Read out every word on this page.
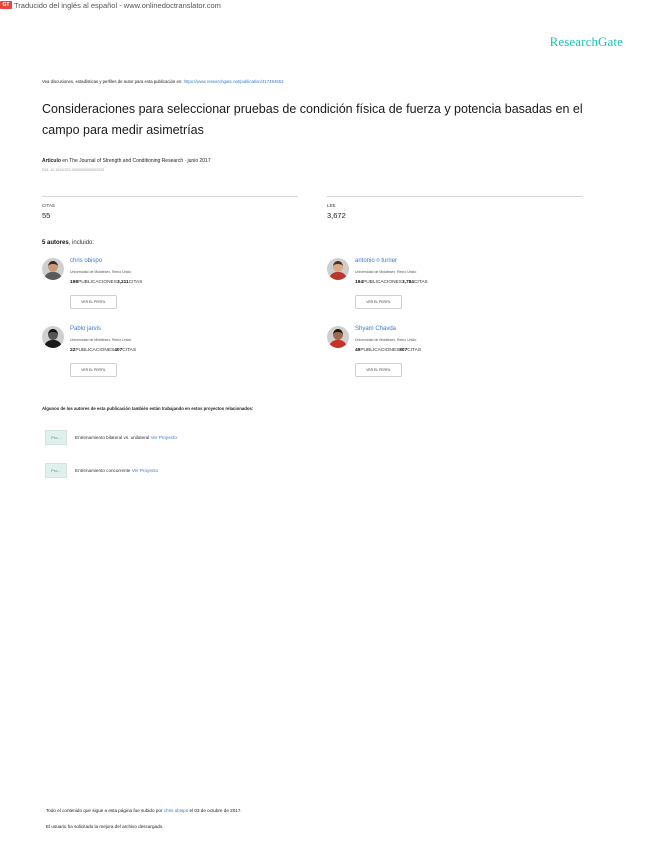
GT Traducido del inglés al español - www.onlinedoctranslator.com
ResearchGate
Vea discusiones, estadísticas y perfiles de autor para esta publicación en: https://www.researchgate.net/publication/317494553
Consideraciones para seleccionar pruebas de condición física de fuerza y potencia basadas en el campo para medir asimetrías
Artículo en The Journal of Strength and Conditioning Research · junio 2017
DOI: 10.1519/JSC.0000000000002023
CITAS
55
LEE
3,672
5 autores, incluido:
chris obispo
Universidad de Middlesex, Reino Unido
198PUBLICACIONES3,211CITAS
VER EL PERFIL
antonio n turner
Universidad de Middlesex, Reino Unido
194PUBLICACIONES3,784CITAS
VER EL PERFIL
Pablo jarvis
Universidad de Middlesex, Reino Unido
22PUBLICACIONES407CITAS
VER EL PERFIL
Shyam Chavda
Universidad de Middlesex, Reino Unido
49PUBLICACIONES807CITAS
VER EL PERFIL
Algunos de los autores de esta publicación también están trabajando en estos proyectos relacionados:
Pro...	Entrenamiento bilateral vs. unilateral Ver Proyecto
Pro...	Entrenamiento concurrente Ver Proyecto
Todo el contenido que sigue a esta página fue subido por chris obispo el 03 de octubre de 2017.
El usuario ha solicitado la mejora del archivo descargado.
